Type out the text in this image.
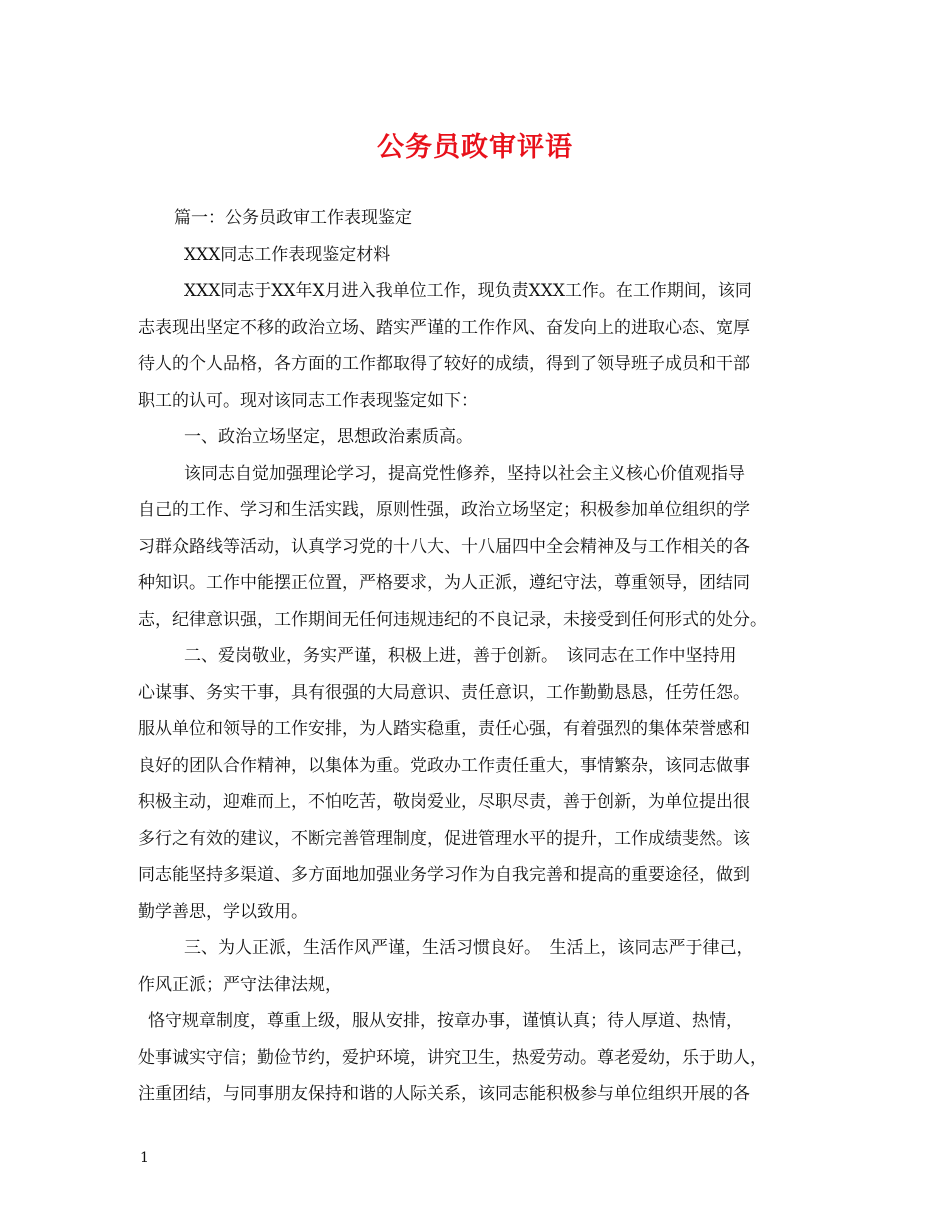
公务员政审评语

篇一：公务员政审工作表现鉴定

XXX同志工作表现鉴定材料

XXX同志于XX年X月进入我单位工作，现负责XXX工作。在工作期间，该同

志表现出坚定不移的政治立场、踏实严谨的工作作风、奋发向上的进取心态、宽厚

待人的个人品格，各方面的工作都取得了较好的成绩，得到了领导班子成员和干部

职工的认可。现对该同志工作表现鉴定如下：

一、政治立场坚定，思想政治素质高。

该同志自觉加强理论学习，提高党性修养，坚持以社会主义核心价值观指导

自己的工作、学习和生活实践，原则性强，政治立场坚定；积极参加单位组织的学

习群众路线等活动，认真学习党的十八大、十八届四中全会精神及与工作相关的各

种知识。工作中能摆正位置，严格要求，为人正派，遵纪守法，尊重领导，团结同

志，纪律意识强，工作期间无任何违规违纪的不良记录，未接受到任何形式的处分。

二、爱岗敬业，务实严谨，积极上进，善于创新。　该同志在工作中坚持用

心谋事、务实干事，具有很强的大局意识、责任意识，工作勤勤恳恳，任劳任怨。

服从单位和领导的工作安排，为人踏实稳重，责任心强，有着强烈的集体荣誉感和

良好的团队合作精神，以集体为重。党政办工作责任重大，事情繁杂，该同志做事

积极主动，迎难而上，不怕吃苦，敬岗爱业，尽职尽责，善于创新，为单位提出很

多行之有效的建议，不断完善管理制度，促进管理水平的提升，工作成绩斐然。该

同志能坚持多渠道、多方面地加强业务学习作为自我完善和提高的重要途径，做到

勤学善思，学以致用。

三、为人正派，生活作风严谨，生活习惯良好。　生活上，该同志严于律己，

作风正派；严守法律法规，

恪守规章制度，尊重上级，服从安排，按章办事，谨慎认真；待人厚道、热情，

处事诚实守信；勤俭节约，爱护环境，讲究卫生，热爱劳动。尊老爱幼，乐于助人，

注重团结，与同事朋友保持和谐的人际关系，该同志能积极参与单位组织开展的各

1
